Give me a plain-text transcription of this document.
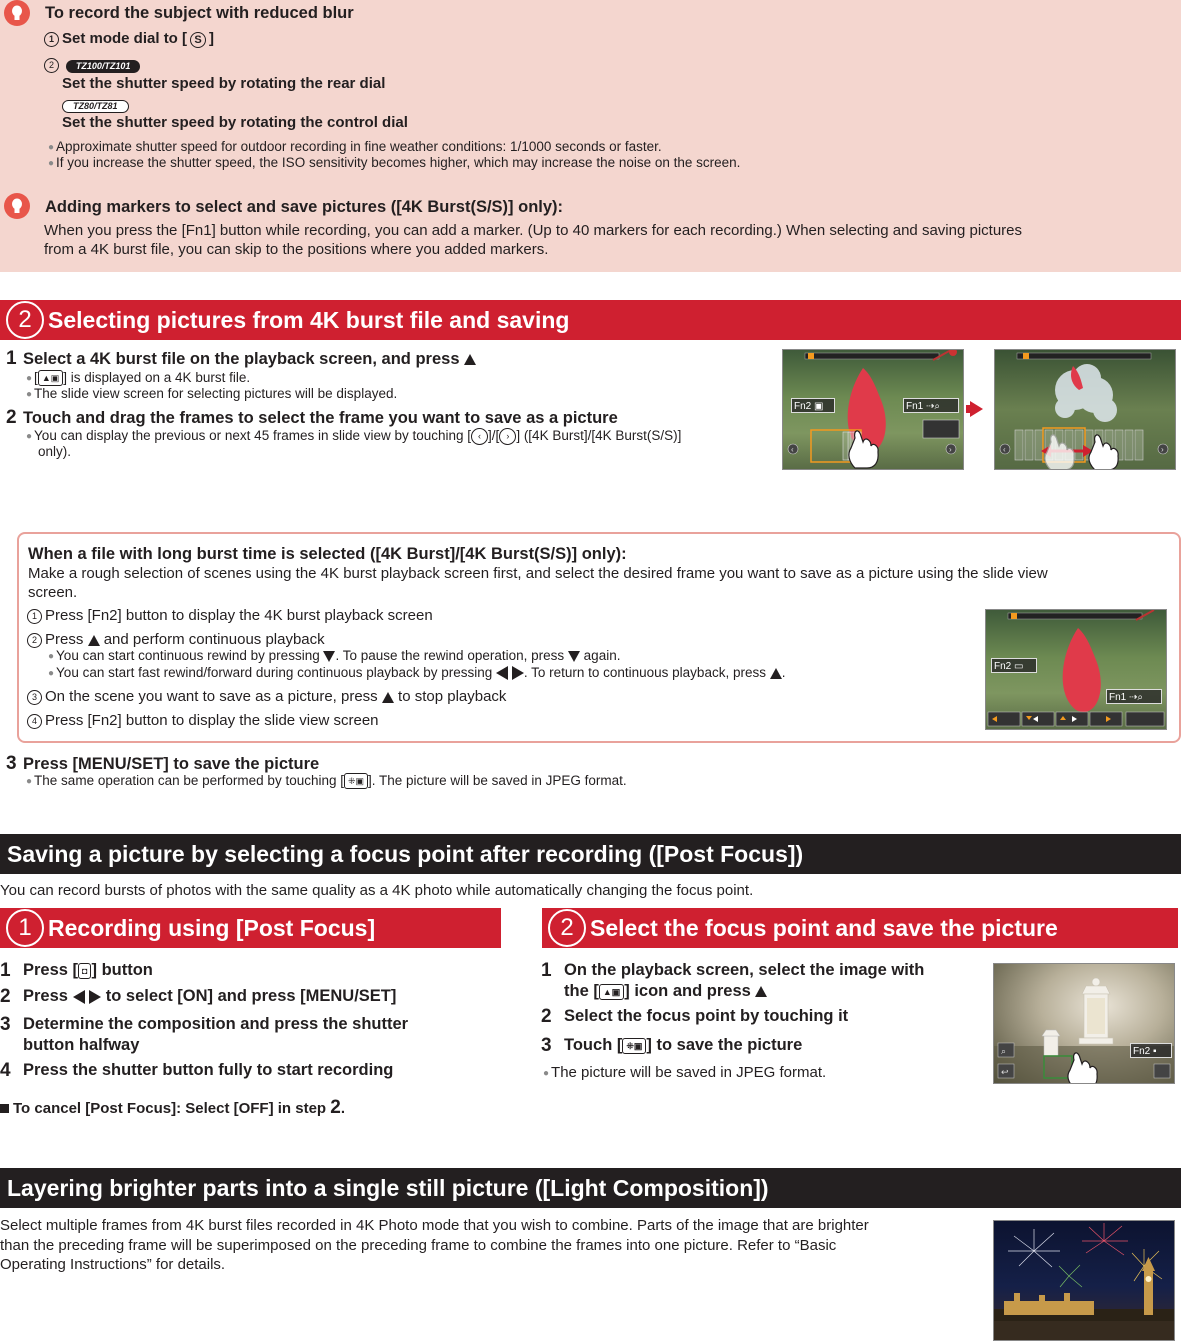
To record the subject with reduced blur
1 Set mode dial to [ S ]
2 TZ100/TZ101
Set the shutter speed by rotating the rear dial
TZ80/TZ81
Set the shutter speed by rotating the control dial
● Approximate shutter speed for outdoor recording in fine weather conditions: 1/1000 seconds or faster.
● If you increase the shutter speed, the ISO sensitivity becomes higher, which may increase the noise on the screen.
Adding markers to select and save pictures ([4K Burst(S/S)] only):
When you press the [Fn1] button while recording, you can add a marker. (Up to 40 markers for each recording.) When selecting and saving pictures
from a 4K burst file, you can skip to the positions where you added markers.
2 Selecting pictures from 4K burst file and saving
1 Select a 4K burst file on the playback screen, and press
● [ ▲▣ ] is displayed on a 4K burst file.
● The slide view screen for selecting pictures will be displayed.
2 Touch and drag the frames to select the frame you want to save as a picture
● You can display the previous or next 45 frames in slide view by touching [ ‹ ]/[ › ] ([4K Burst]/[4K Burst(S/S)]
only).	‹	›
Fn2 ▣	Fn1 ⇢⌕
‹	›
When a file with long burst time is selected ([4K Burst]/[4K Burst(S/S)] only):
Make a rough selection of scenes using the 4K burst playback screen first, and select the desired frame you want to save as a picture using the slide view
screen.
1 Press [Fn2] button to display the 4K burst playback screen
2 Press and perform continuous playback
● You can start continuous rewind by pressing . To pause the rewind operation, press again.
● You can start fast rewind/forward during continuous playback by pressing . To return to continuous playback, press .
3 On the scene you want to save as a picture, press to stop playback
4 Press [Fn2] button to display the slide view screen
Fn2 ▭
Fn1 ⇢⌕
3 Press [MENU/SET] to save the picture
● The same operation can be performed by touching [ ⁜▣ ]. The picture will be saved in JPEG format.
Saving a picture by selecting a focus point after recording ([Post Focus])
You can record bursts of photos with the same quality as a 4K photo while automatically changing the focus point.
1 Recording using [Post Focus]	2 Select the focus point and save the picture
1 Press [ ◘ ] button
2 Press to select [ON] and press [MENU/SET]
3 Determine the composition and press the shutter
button halfway
4 Press the shutter button fully to start recording
To cancel [Post Focus]: Select [OFF] in step 2.
1 On the playback screen, select the image with
the [ ▲▣ ] icon and press
2 Select the focus point by touching it
3 Touch [ ⁜▣ ] to save the picture
● The picture will be saved in JPEG format.
⌕
↩
Fn2 ▪
Layering brighter parts into a single still picture ([Light Composition])
Select multiple frames from 4K burst files recorded in 4K Photo mode that you wish to combine. Parts of the image that are brighter
than the preceding frame will be superimposed on the preceding frame to combine the frames into one picture. Refer to “Basic
Operating Instructions” for details.
